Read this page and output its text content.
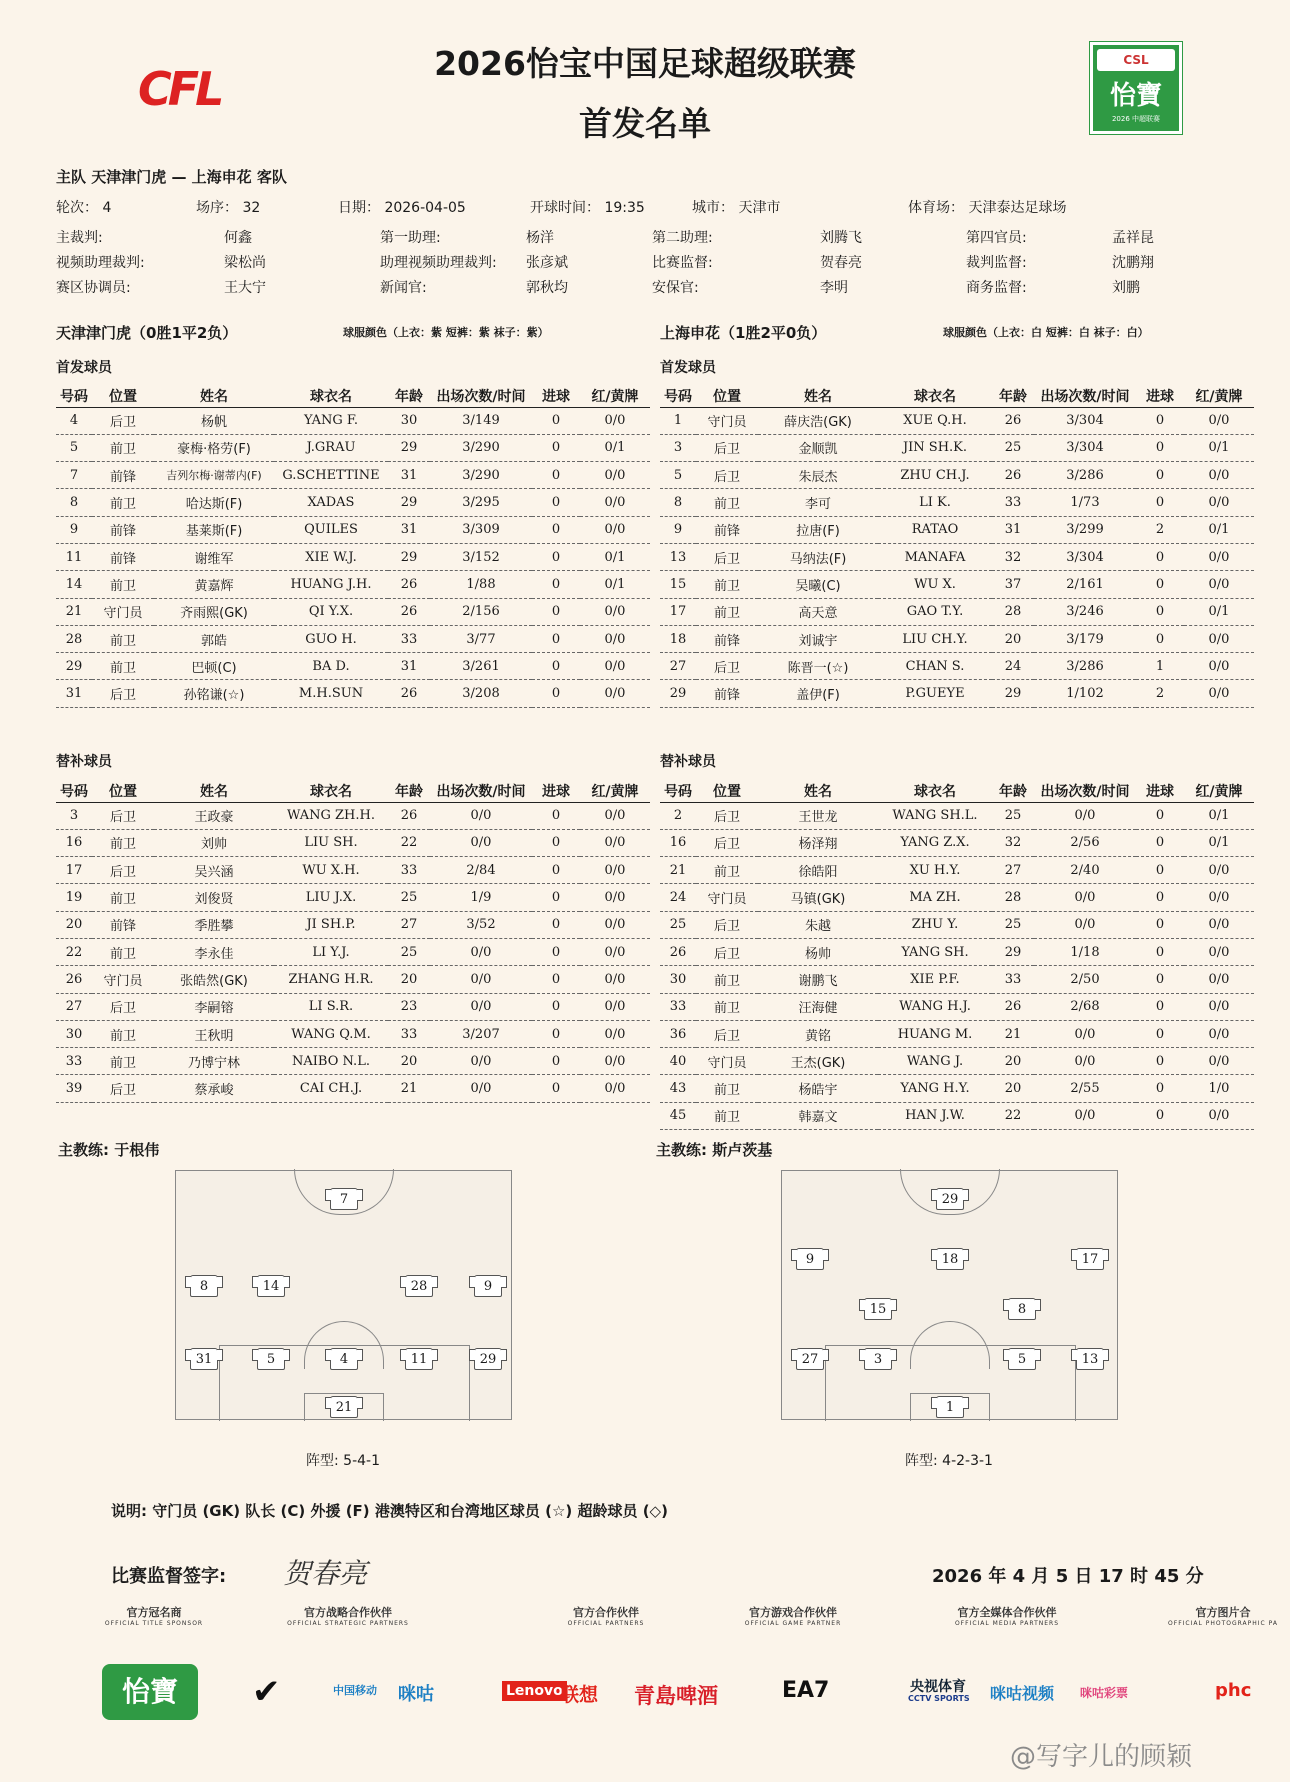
CFL	2026怡宝中国足球超级联赛
首发名单
CSL
怡寶
2026 中超联赛
主队 天津津门虎 — 上海申花 客队
轮次： 4	场序： 32	日期： 2026-04-05	开球时间： 19:35	城市： 天津市	体育场： 天津泰达足球场
主裁判:	何鑫	第一助理:	杨洋	第二助理:	刘腾飞	第四官员:	孟祥昆
视频助理裁判:	梁松尚	助理视频助理裁判: 张彦斌	比赛监督:	贺春亮	裁判监督:	沈鹏翔
赛区协调员:	王大宁	新闻官:	郭秋均	安保官:	李明	商务监督:	刘鹏
天津津门虎（0胜1平2负）	球服颜色（上衣：紫 短裤：紫 袜子：紫）
首发球员
替补球员
上海申花（1胜2平0负）	球服颜色（上衣：白 短裤：白 袜子：白）
首发球员
替补球员
号码	位置	姓名	球衣名	年龄	出场次数/时间	进球	红/黄牌
4	后卫	杨帆	YANG F.	30	3/149	0	0/0
5	前卫	豪梅·格劳(F)	J.GRAU	29	3/290	0	0/1
7	前锋	吉列尔梅·谢蒂内(F)	G.SCHETTINE	31	3/290	0	0/0
8	前卫	哈达斯(F)	XADAS	29	3/295	0	0/0
9	前锋	基莱斯(F)	QUILES	31	3/309	0	0/0
11	前锋	谢维军	XIE W.J.	29	3/152	0	0/1
14	前卫	黄嘉辉	HUANG J.H.	26	1/88	0	0/1
21	守门员	齐雨熙(GK)	QI Y.X.	26	2/156	0	0/0
28	前卫	郭皓	GUO H.	33	3/77	0	0/0
29	前卫	巴顿(C)	BA D.	31	3/261	0	0/0
31	后卫	孙铭谦(☆)	M.H.SUN	26	3/208	0	0/0
号码	位置	姓名	球衣名	年龄	出场次数/时间	进球	红/黄牌
1	守门员	薛庆浩(GK)	XUE Q.H.	26	3/304	0	0/0
3	后卫	金顺凯	JIN SH.K.	25	3/304	0	0/1
5	后卫	朱辰杰	ZHU CH.J.	26	3/286	0	0/0
8	前卫	李可	LI K.	33	1/73	0	0/0
9	前锋	拉唐(F)	RATAO	31	3/299	2	0/1
13	后卫	马纳法(F)	MANAFA	32	3/304	0	0/0
15	前卫	吴曦(C)	WU X.	37	2/161	0	0/0
17	前卫	高天意	GAO T.Y.	28	3/246	0	0/1
18	前锋	刘诚宇	LIU CH.Y.	20	3/179	0	0/0
27	后卫	陈晋一(☆)	CHAN S.	24	3/286	1	0/0
29	前锋	盖伊(F)	P.GUEYE	29	1/102	2	0/0
号码	位置	姓名	球衣名	年龄	出场次数/时间	进球	红/黄牌
3	后卫	王政豪	WANG ZH.H.	26	0/0	0	0/0
16	前卫	刘帅	LIU SH.	22	0/0	0	0/0
17	后卫	吴兴涵	WU X.H.	33	2/84	0	0/0
19	前卫	刘俊贤	LIU J.X.	25	1/9	0	0/0
20	前锋	季胜攀	JI SH.P.	27	3/52	0	0/0
22	前卫	李永佳	LI Y.J.	25	0/0	0	0/0
26	守门员	张皓然(GK)	ZHANG H.R.	20	0/0	0	0/0
27	后卫	李嗣镕	LI S.R.	23	0/0	0	0/0
30	前卫	王秋明	WANG Q.M.	33	3/207	0	0/0
33	前卫	乃博宁林	NAIBO N.L.	20	0/0	0	0/0
39	后卫	蔡承峻	CAI CH.J.	21	0/0	0	0/0
号码	位置	姓名	球衣名	年龄	出场次数/时间	进球	红/黄牌
2	后卫	王世龙	WANG SH.L.	25	0/0	0	0/1
16	后卫	杨泽翔	YANG Z.X.	32	2/56	0	0/1
21	前卫	徐皓阳	XU H.Y.	27	2/40	0	0/0
24	守门员	马镇(GK)	MA ZH.	28	0/0	0	0/0
25	后卫	朱越	ZHU Y.	25	0/0	0	0/0
26	后卫	杨帅	YANG SH.	29	1/18	0	0/0
30	前卫	谢鹏飞	XIE P.F.	33	2/50	0	0/0
33	前卫	汪海健	WANG H.J.	26	2/68	0	0/0
36	后卫	黄铭	HUANG M.	21	0/0	0	0/0
40	守门员	王杰(GK)	WANG J.	20	0/0	0	0/0
43	前卫	杨皓宇	YANG H.Y.	20	2/55	0	1/0
45	前卫	韩嘉文	HAN J.W.	22	0/0	0	0/0
主教练: 于根伟	主教练: 斯卢茨基
7
8	14	28	9
31	5	4	11	29
21
29
9	18	17
15	8
27	3	5	13
1
阵型: 5-4-1	阵型: 4-2-3-1
说明: 守门员 (GK) 队长 (C) 外援 (F) 港澳特区和台湾地区球员 (☆) 超龄球员 (◇)
比赛监督签字: 贺春亮	2026 年 4 月 5 日 17 时 45 分
官方冠名商
OFFICIAL TITLE SPONSOR
官方战略合作伙伴
OFFICIAL STRATEGIC PARTNERS
官方合作伙伴
OFFICIAL PARTNERS
官方游戏合作伙伴
OFFICIAL GAME PARTNER
官方全媒体合作伙伴
OFFICIAL MEDIA PARTNERS
官方图片合
OFFICIAL PHOTOGRAPHIC PA
怡寶	✔	中国移动 咪咕	Lenovo
联想 青島啤酒	EA7	央视体育
CCTV SPORTS 咪咕视频 咪咕彩票	phc
@写字儿的顾颖
